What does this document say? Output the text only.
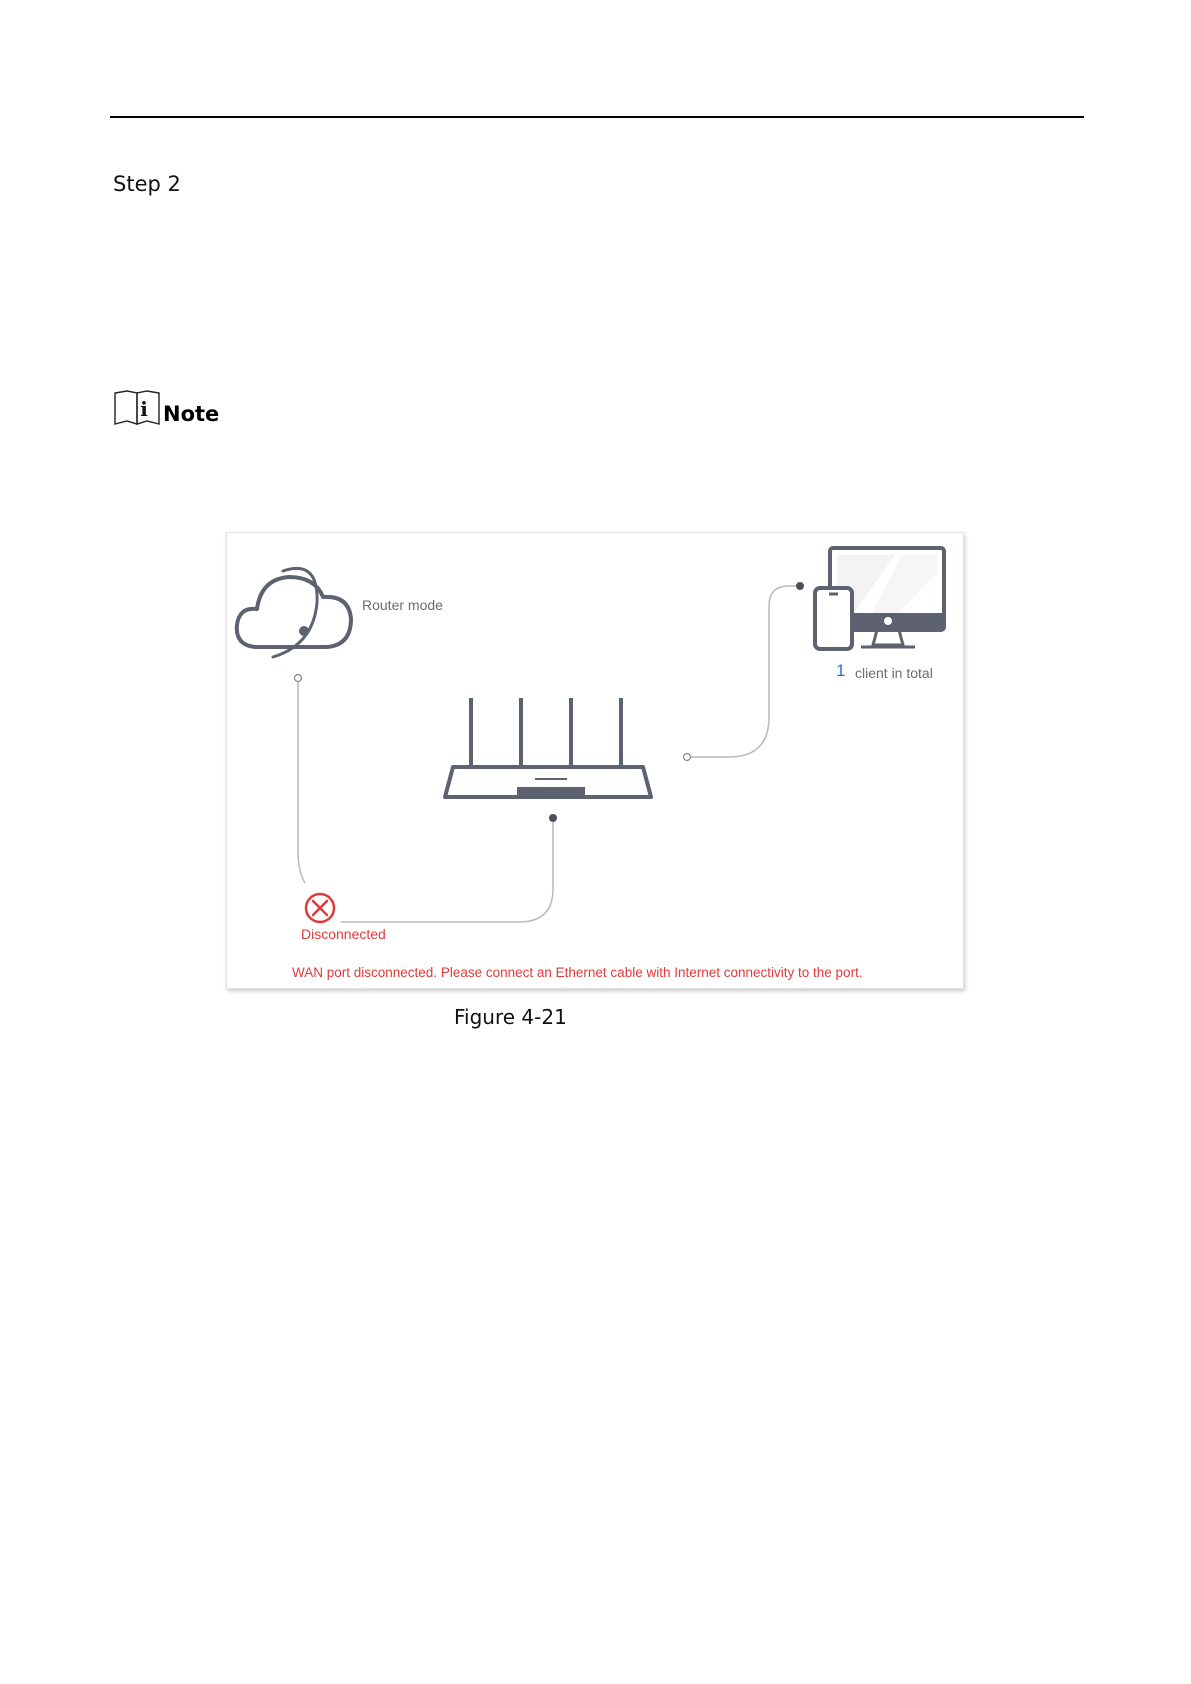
Step 2
i Note
Router mode
1 client in total
Disconnected
WAN port disconnected. Please connect an Ethernet cable with Internet connectivity to the port.
Figure 4-21
